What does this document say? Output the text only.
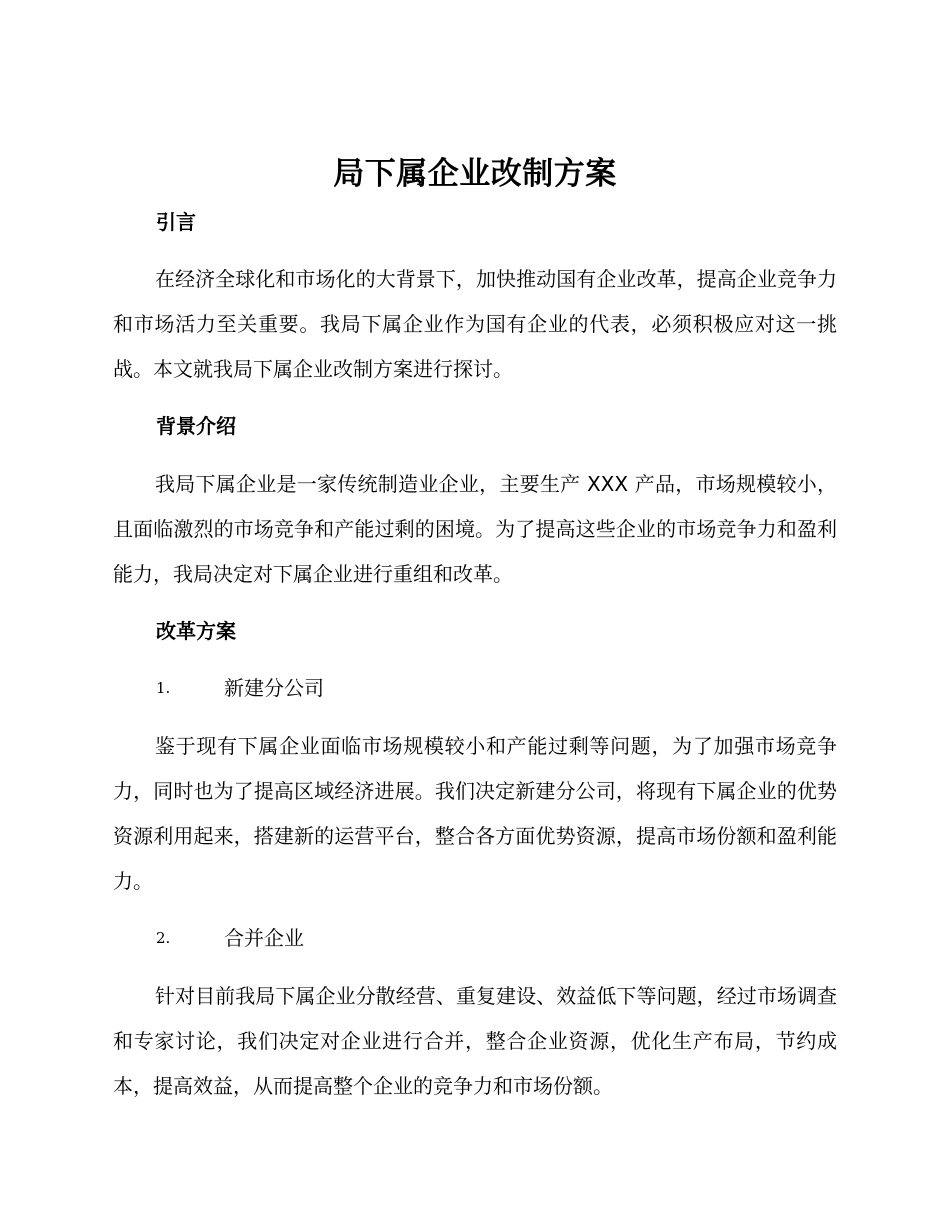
局下属企业改制方案
引言
在经济全球化和市场化的大背景下，加快推动国有企业改革，提高企业竞争力和市场活力至关重要。我局下属企业作为国有企业的代表，必须积极应对这一挑战。本文就我局下属企业改制方案进行探讨。
背景介绍
我局下属企业是一家传统制造业企业，主要生产 XXX 产品，市场规模较小，且面临激烈的市场竞争和产能过剩的困境。为了提高这些企业的市场竞争力和盈利能力，我局决定对下属企业进行重组和改革。
改革方案
1.	新建分公司
鉴于现有下属企业面临市场规模较小和产能过剩等问题，为了加强市场竞争力，同时也为了提高区域经济进展。我们决定新建分公司，将现有下属企业的优势资源利用起来，搭建新的运营平台，整合各方面优势资源，提高市场份额和盈利能力。
2.	合并企业
针对目前我局下属企业分散经营、重复建设、效益低下等问题，经过市场调查和专家讨论，我们决定对企业进行合并，整合企业资源，优化生产布局，节约成本，提高效益，从而提高整个企业的竞争力和市场份额。
